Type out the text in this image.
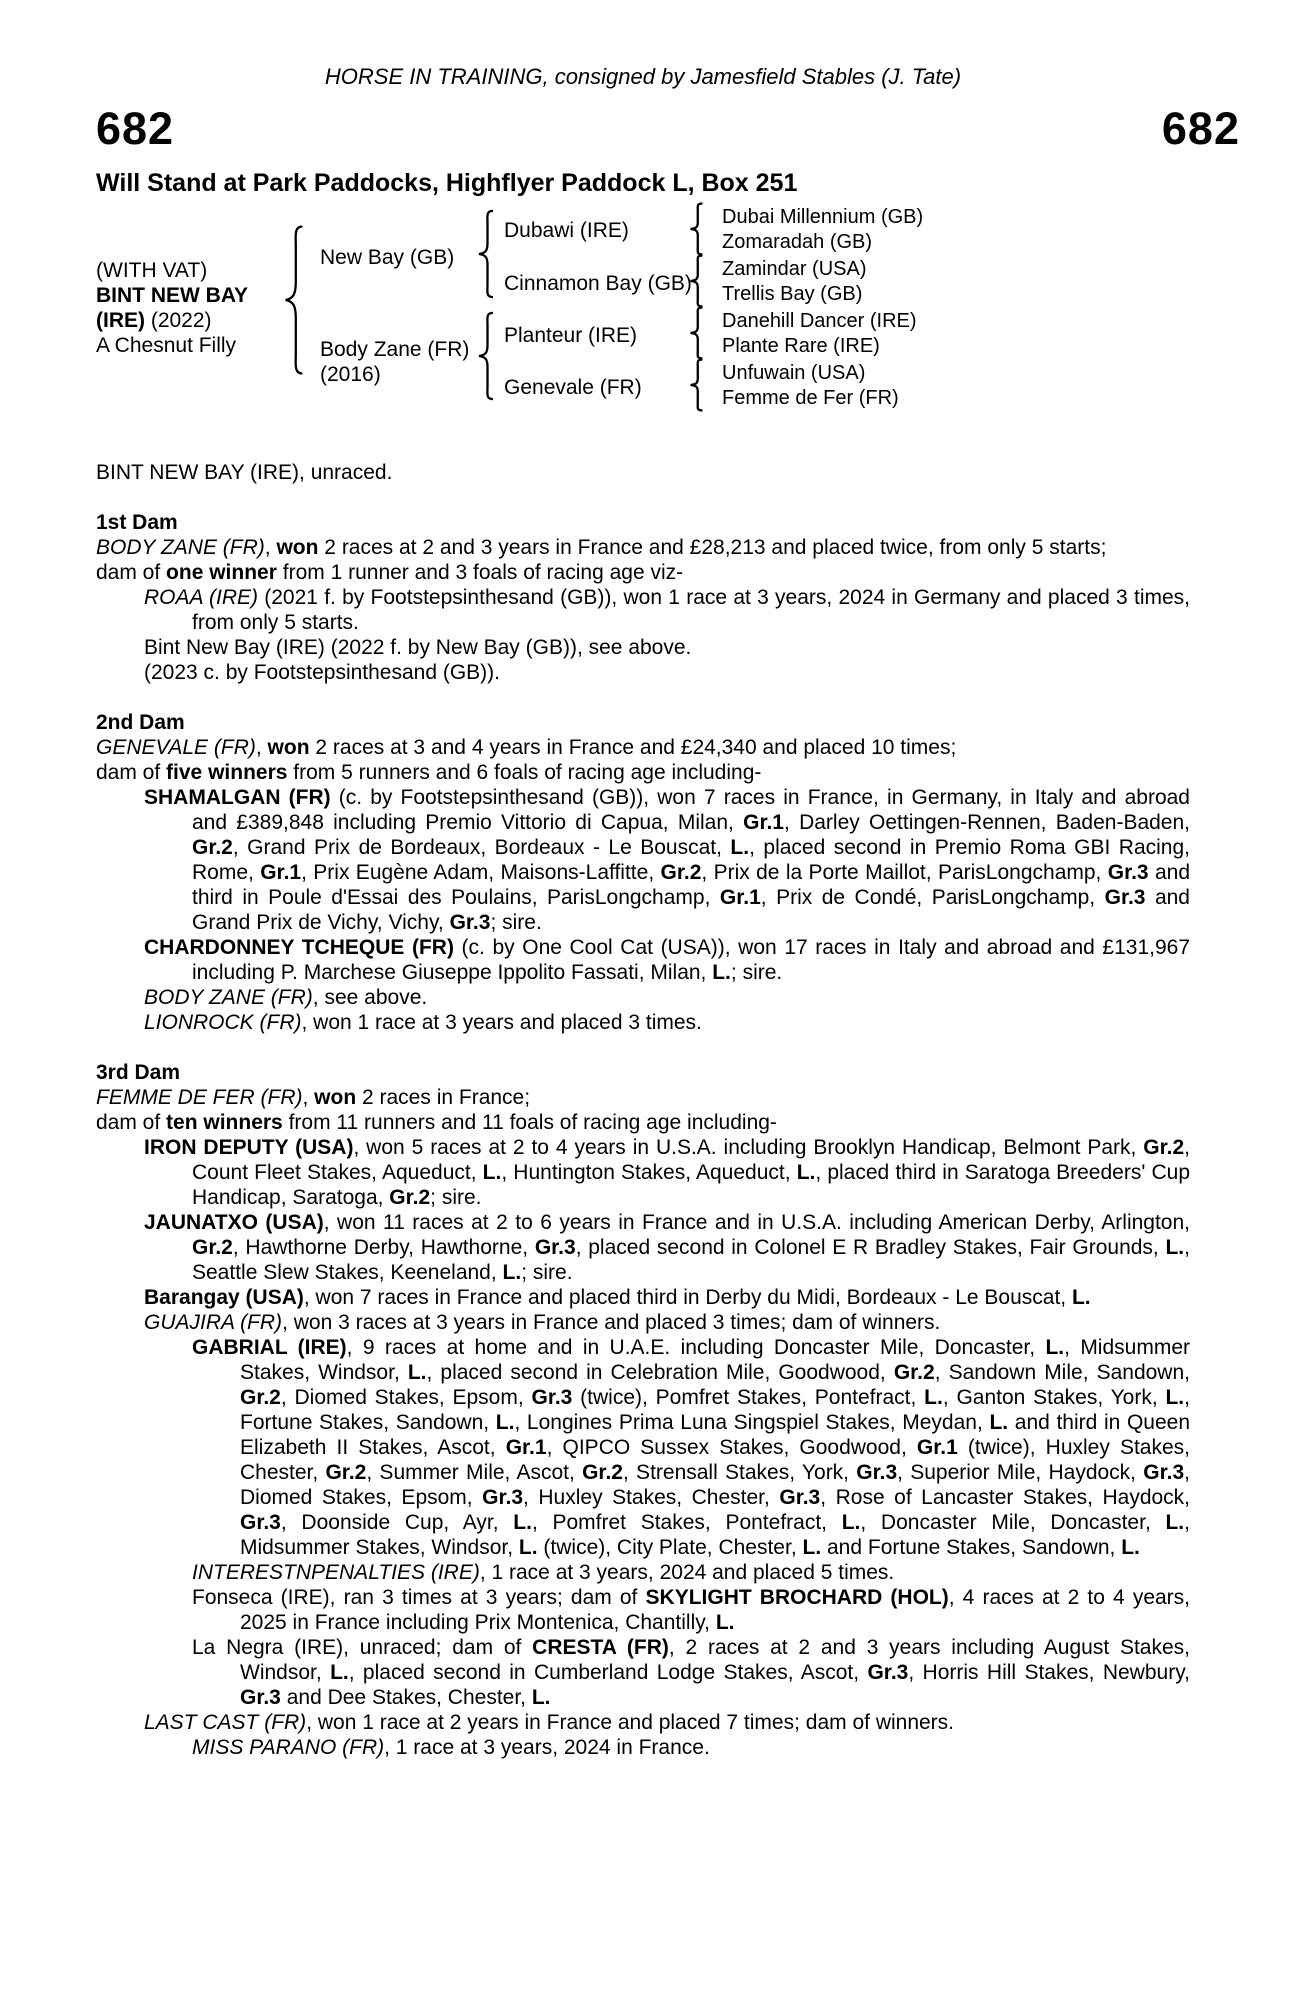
HORSE IN TRAINING, consigned by Jamesfield Stables (J. Tate)
682	682
Will Stand at Park Paddocks, Highflyer Paddock L, Box 251
(WITH VAT)
BINT NEW BAY
(IRE) (2022)
A Chesnut Filly
New Bay (GB)
Body Zane (FR)
(2016)
Dubawi (IRE)
Cinnamon Bay (GB)
Planteur (IRE)
Genevale (FR)
Dubai Millennium (GB)
Zomaradah (GB)
Zamindar (USA)
Trellis Bay (GB)
Danehill Dancer (IRE)
Plante Rare (IRE)
Unfuwain (USA)
Femme de Fer (FR)
BINT NEW BAY (IRE), unraced.
1st Dam
BODY ZANE (FR), won 2 races at 2 and 3 years in France and £28,213 and placed twice, from only 5 starts;
dam of one winner from 1 runner and 3 foals of racing age viz-
ROAA (IRE) (2021 f. by Footstepsinthesand (GB)), won 1 race at 3 years, 2024 in Germany and placed 3 times, from only 5 starts.
Bint New Bay (IRE) (2022 f. by New Bay (GB)), see above.
(2023 c. by Footstepsinthesand (GB)).
2nd Dam
GENEVALE (FR), won 2 races at 3 and 4 years in France and £24,340 and placed 10 times;
dam of five winners from 5 runners and 6 foals of racing age including-
SHAMALGAN (FR) (c. by Footstepsinthesand (GB)), won 7 races in France, in Germany, in Italy and abroad and £389,848 including Premio Vittorio di Capua, Milan, Gr.1, Darley Oettingen-Rennen, Baden-Baden, Gr.2, Grand Prix de Bordeaux, Bordeaux - Le Bouscat, L., placed second in Premio Roma GBI Racing, Rome, Gr.1, Prix Eugène Adam, Maisons-Laffitte, Gr.2, Prix de la Porte Maillot, ParisLongchamp, Gr.3 and third in Poule d'Essai des Poulains, ParisLongchamp, Gr.1, Prix de Condé, ParisLongchamp, Gr.3 and Grand Prix de Vichy, Vichy, Gr.3; sire.
CHARDONNEY TCHEQUE (FR) (c. by One Cool Cat (USA)), won 17 races in Italy and abroad and £131,967 including P. Marchese Giuseppe Ippolito Fassati, Milan, L.; sire.
BODY ZANE (FR), see above.
LIONROCK (FR), won 1 race at 3 years and placed 3 times.
3rd Dam
FEMME DE FER (FR), won 2 races in France;
dam of ten winners from 11 runners and 11 foals of racing age including-
IRON DEPUTY (USA), won 5 races at 2 to 4 years in U.S.A. including Brooklyn Handicap, Belmont Park, Gr.2, Count Fleet Stakes, Aqueduct, L., Huntington Stakes, Aqueduct, L., placed third in Saratoga Breeders' Cup Handicap, Saratoga, Gr.2; sire.
JAUNATXO (USA), won 11 races at 2 to 6 years in France and in U.S.A. including American Derby, Arlington, Gr.2, Hawthorne Derby, Hawthorne, Gr.3, placed second in Colonel E R Bradley Stakes, Fair Grounds, L., Seattle Slew Stakes, Keeneland, L.; sire.
Barangay (USA), won 7 races in France and placed third in Derby du Midi, Bordeaux - Le Bouscat, L.
GUAJIRA (FR), won 3 races at 3 years in France and placed 3 times; dam of winners.
GABRIAL (IRE), 9 races at home and in U.A.E. including Doncaster Mile, Doncaster, L., Midsummer Stakes, Windsor, L., placed second in Celebration Mile, Goodwood, Gr.2, Sandown Mile, Sandown, Gr.2, Diomed Stakes, Epsom, Gr.3 (twice), Pomfret Stakes, Pontefract, L., Ganton Stakes, York, L., Fortune Stakes, Sandown, L., Longines Prima Luna Singspiel Stakes, Meydan, L. and third in Queen Elizabeth II Stakes, Ascot, Gr.1, QIPCO Sussex Stakes, Goodwood, Gr.1 (twice), Huxley Stakes, Chester, Gr.2, Summer Mile, Ascot, Gr.2, Strensall Stakes, York, Gr.3, Superior Mile, Haydock, Gr.3, Diomed Stakes, Epsom, Gr.3, Huxley Stakes, Chester, Gr.3, Rose of Lancaster Stakes, Haydock, Gr.3, Doonside Cup, Ayr, L., Pomfret Stakes, Pontefract, L., Doncaster Mile, Doncaster, L., Midsummer Stakes, Windsor, L. (twice), City Plate, Chester, L. and Fortune Stakes, Sandown, L.
INTERESTNPENALTIES (IRE), 1 race at 3 years, 2024 and placed 5 times.
Fonseca (IRE), ran 3 times at 3 years; dam of SKYLIGHT BROCHARD (HOL), 4 races at 2 to 4 years, 2025 in France including Prix Montenica, Chantilly, L.
La Negra (IRE), unraced; dam of CRESTA (FR), 2 races at 2 and 3 years including August Stakes, Windsor, L., placed second in Cumberland Lodge Stakes, Ascot, Gr.3, Horris Hill Stakes, Newbury, Gr.3 and Dee Stakes, Chester, L.
LAST CAST (FR), won 1 race at 2 years in France and placed 7 times; dam of winners.
MISS PARANO (FR), 1 race at 3 years, 2024 in France.
